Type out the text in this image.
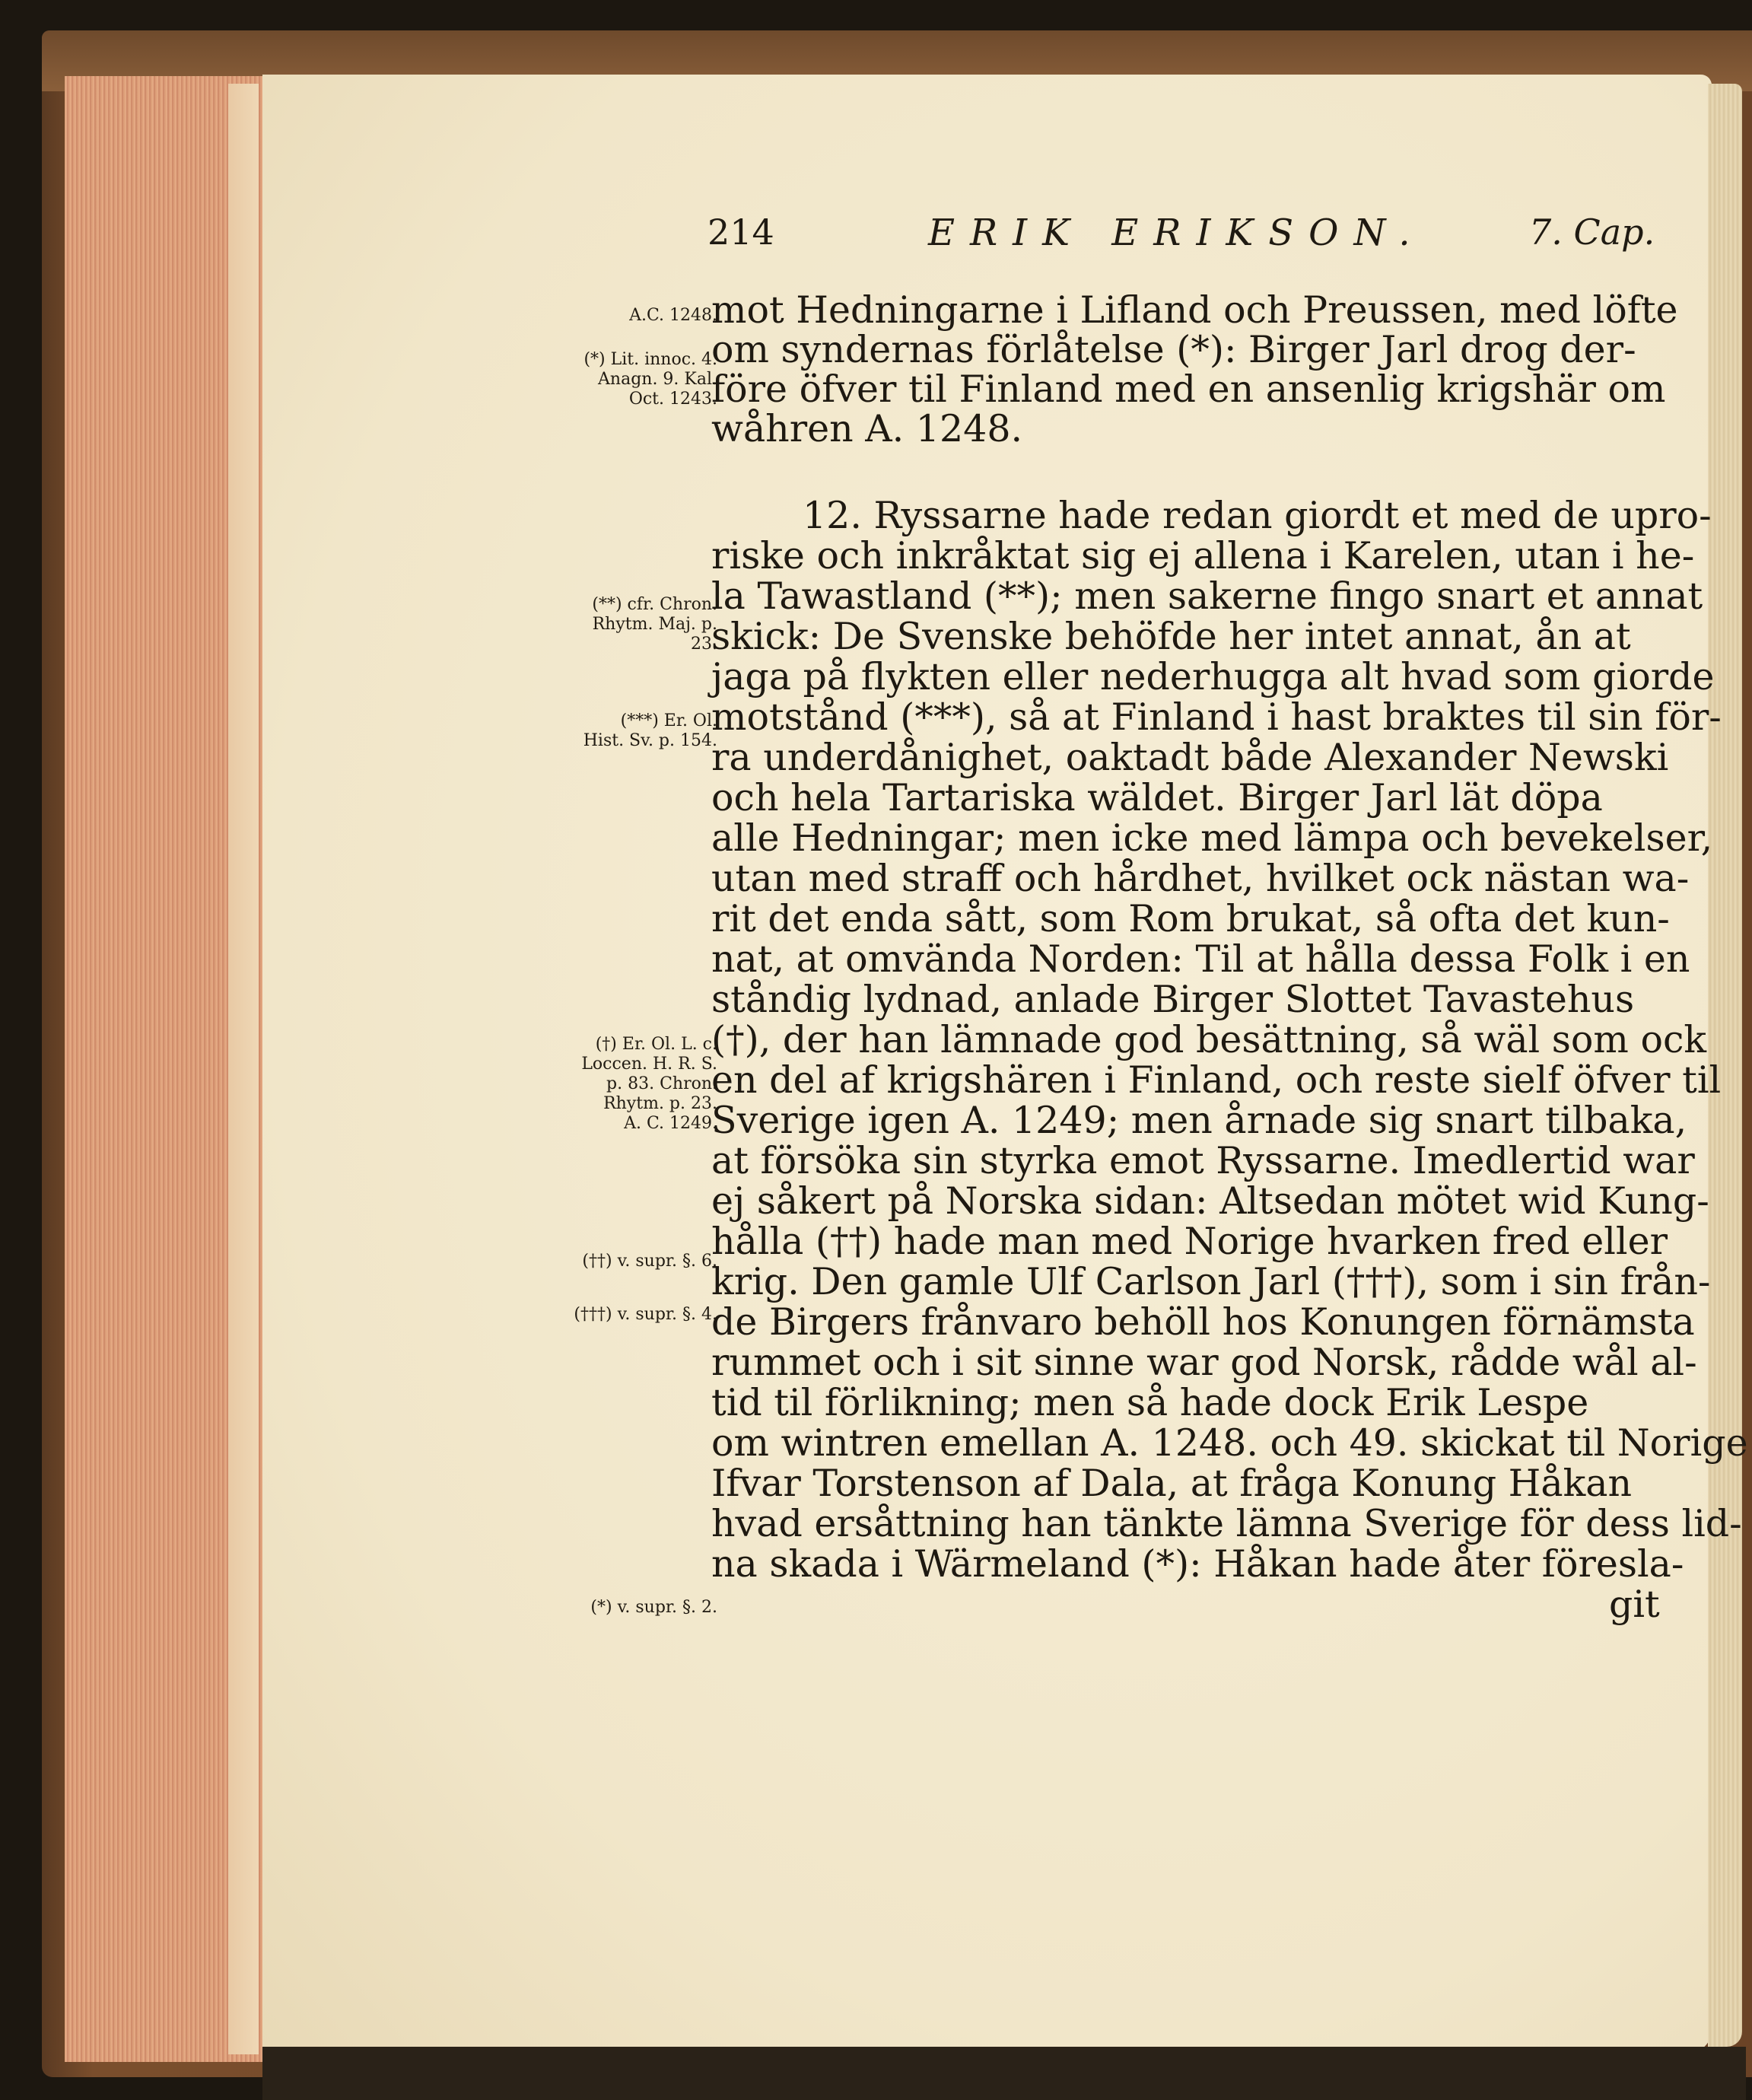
214	ERIK ERIKSON.	7. Cap.
mot Hedningarne i Lifland och Preussen, med löfte
om syndernas förlåtelse (*): Birger Jarl drog der-
före öfver til Finland med en ansenlig krigshär om
wåhren A. 1248.
12. Ryssarne hade redan giordt et med de upro-
riske och inkråktat sig ej allena i Karelen, utan i he-
la Tawastland (**); men sakerne fingo snart et annat
skick: De Svenske behöfde her intet annat, ån at
jaga på flykten eller nederhugga alt hvad som giorde
motstånd (***), så at Finland i hast braktes til sin för-
ra underdånighet, oaktadt både Alexander Newski
och hela Tartariska wäldet. Birger Jarl lät döpa
alle Hedningar; men icke med lämpa och bevekelser,
utan med straff och hårdhet, hvilket ock nästan wa-
rit det enda sått, som Rom brukat, så ofta det kun-
nat, at omvända Norden: Til at hålla dessa Folk i en
ståndig lydnad, anlade Birger Slottet Tavastehus
(†), der han lämnade god besättning, så wäl som ock
en del af krigshären i Finland, och reste sielf öfver til
Sverige igen A. 1249; men årnade sig snart tilbaka,
at försöka sin styrka emot Ryssarne. Imedlertid war
ej såkert på Norska sidan: Altsedan mötet wid Kung-
hålla (††) hade man med Norige hvarken fred eller
krig. Den gamle Ulf Carlson Jarl (†††), som i sin från-
de Birgers frånvaro behöll hos Konungen förnämsta
rummet och i sit sinne war god Norsk, rådde wål al-
tid til förlikning; men så hade dock Erik Lespe
om wintren emellan A. 1248. och 49. skickat til Norige
Ifvar Torstenson af Dala, at fråga Konung Håkan
hvad ersåttning han tänkte lämna Sverige för dess lid-
na skada i Wärmeland (*): Håkan hade åter föresla-
git
A.C. 1248.
(*) Lit. innoc. 4.
Anagn. 9. Kal.
Oct. 1243.
(**) cfr. Chron.
Rhytm. Maj. p.
23.
(***) Er. Ol.
Hist. Sv. p. 154.
(†) Er. Ol. L. c.
Loccen. H. R. S.
p. 83. Chron.
Rhytm. p. 23.
A. C. 1249.
(††) v. supr. §. 6.
(†††) v. supr. §. 4.
(*) v. supr. §. 2.
